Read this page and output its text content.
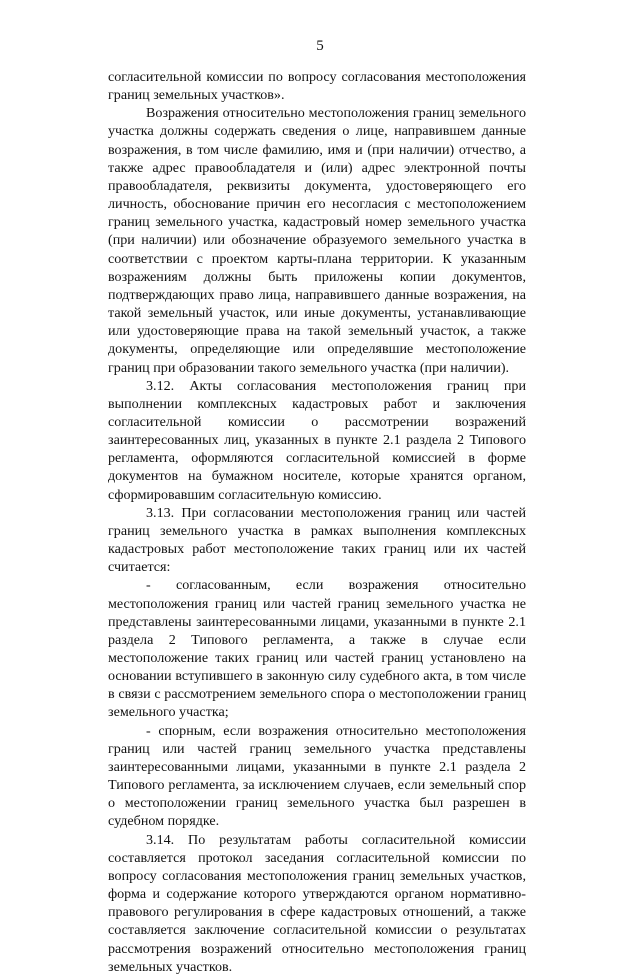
5

согласительной комиссии по вопросу согласования местоположения границ земельных участков».

Возражения относительно местоположения границ земельного участка должны содержать сведения о лице, направившем данные возражения, в том числе фамилию, имя и (при наличии) отчество, а также адрес правообладателя и (или) адрес электронной почты правообладателя, реквизиты документа, удостоверяющего его личность, обоснование причин его несогласия с местоположением границ земельного участка, кадастровый номер земельного участка (при наличии) или обозначение образуемого земельного участка в соответствии с проектом карты-плана территории. К указанным возражениям должны быть приложены копии документов, подтверждающих право лица, направившего данные возражения, на такой земельный участок, или иные документы, устанавливающие или удостоверяющие права на такой земельный участок, а также документы, определяющие или определявшие местоположение границ при образовании такого земельного участка (при наличии).

3.12. Акты согласования местоположения границ при выполнении комплексных кадастровых работ и заключения согласительной комиссии о рассмотрении возражений заинтересованных лиц, указанных в пункте 2.1 раздела 2 Типового регламента, оформляются согласительной комиссией в форме документов на бумажном носителе, которые хранятся органом, сформировавшим согласительную комиссию.

3.13. При согласовании местоположения границ или частей границ земельного участка в рамках выполнения комплексных кадастровых работ местоположение таких границ или их частей считается:

- согласованным, если возражения относительно местоположения границ или частей границ земельного участка не представлены заинтересованными лицами, указанными в пункте 2.1 раздела 2 Типового регламента, а также в случае если местоположение таких границ или частей границ установлено на основании вступившего в законную силу судебного акта, в том числе в связи с рассмотрением земельного спора о местоположении границ земельного участка;

- спорным, если возражения относительно местоположения границ или частей границ земельного участка представлены заинтересованными лицами, указанными в пункте 2.1 раздела 2 Типового регламента, за исключением случаев, если земельный спор о местоположении границ земельного участка был разрешен в судебном порядке.

3.14. По результатам работы согласительной комиссии составляется протокол заседания согласительной комиссии по вопросу согласования местоположения границ земельных участков, форма и содержание которого утверждаются органом нормативно-правового регулирования в сфере кадастровых отношений, а также составляется заключение согласительной комиссии о результатах рассмотрения возражений относительно местоположения границ земельных участков.
